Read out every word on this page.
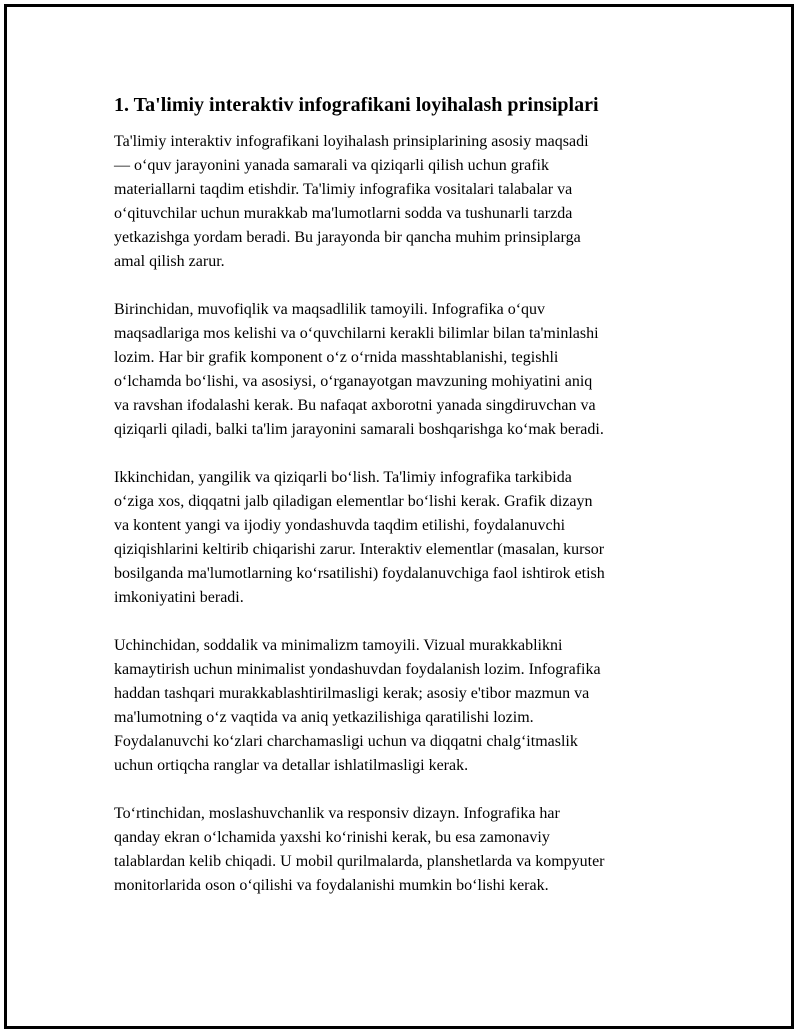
1. Ta'limiy interaktiv infografikani loyihalash prinsiplari

Ta'limiy interaktiv infografikani loyihalash prinsiplarining asosiy maqsadi
— o‘quv jarayonini yanada samarali va qiziqarli qilish uchun grafik
materiallarni taqdim etishdir. Ta'limiy infografika vositalari talabalar va
o‘qituvchilar uchun murakkab ma'lumotlarni sodda va tushunarli tarzda
yetkazishga yordam beradi. Bu jarayonda bir qancha muhim prinsiplarga
amal qilish zarur.

Birinchidan, muvofiqlik va maqsadlilik tamoyili. Infografika o‘quv
maqsadlariga mos kelishi va o‘quvchilarni kerakli bilimlar bilan ta'minlashi
lozim. Har bir grafik komponent o‘z o‘rnida masshtablanishi, tegishli
o‘lchamda bo‘lishi, va asosiysi, o‘rganayotgan mavzuning mohiyatini aniq
va ravshan ifodalashi kerak. Bu nafaqat axborotni yanada singdiruvchan va
qiziqarli qiladi, balki ta'lim jarayonini samarali boshqarishga ko‘mak beradi.

Ikkinchidan, yangilik va qiziqarli bo‘lish. Ta'limiy infografika tarkibida
o‘ziga xos, diqqatni jalb qiladigan elementlar bo‘lishi kerak. Grafik dizayn
va kontent yangi va ijodiy yondashuvda taqdim etilishi, foydalanuvchi
qiziqishlarini keltirib chiqarishi zarur. Interaktiv elementlar (masalan, kursor
bosilganda ma'lumotlarning ko‘rsatilishi) foydalanuvchiga faol ishtirok etish
imkoniyatini beradi.

Uchinchidan, soddalik va minimalizm tamoyili. Vizual murakkablikni
kamaytirish uchun minimalist yondashuvdan foydalanish lozim. Infografika
haddan tashqari murakkablashtirilmasligi kerak; asosiy e'tibor mazmun va
ma'lumotning o‘z vaqtida va aniq yetkazilishiga qaratilishi lozim.
Foydalanuvchi ko‘zlari charchamasligi uchun va diqqatni chalg‘itmaslik
uchun ortiqcha ranglar va detallar ishlatilmasligi kerak.

To‘rtinchidan, moslashuvchanlik va responsiv dizayn. Infografika har
qanday ekran o‘lchamida yaxshi ko‘rinishi kerak, bu esa zamonaviy
talablardan kelib chiqadi. U mobil qurilmalarda, planshetlarda va kompyuter
monitorlarida oson o‘qilishi va foydalanishi mumkin bo‘lishi kerak.
